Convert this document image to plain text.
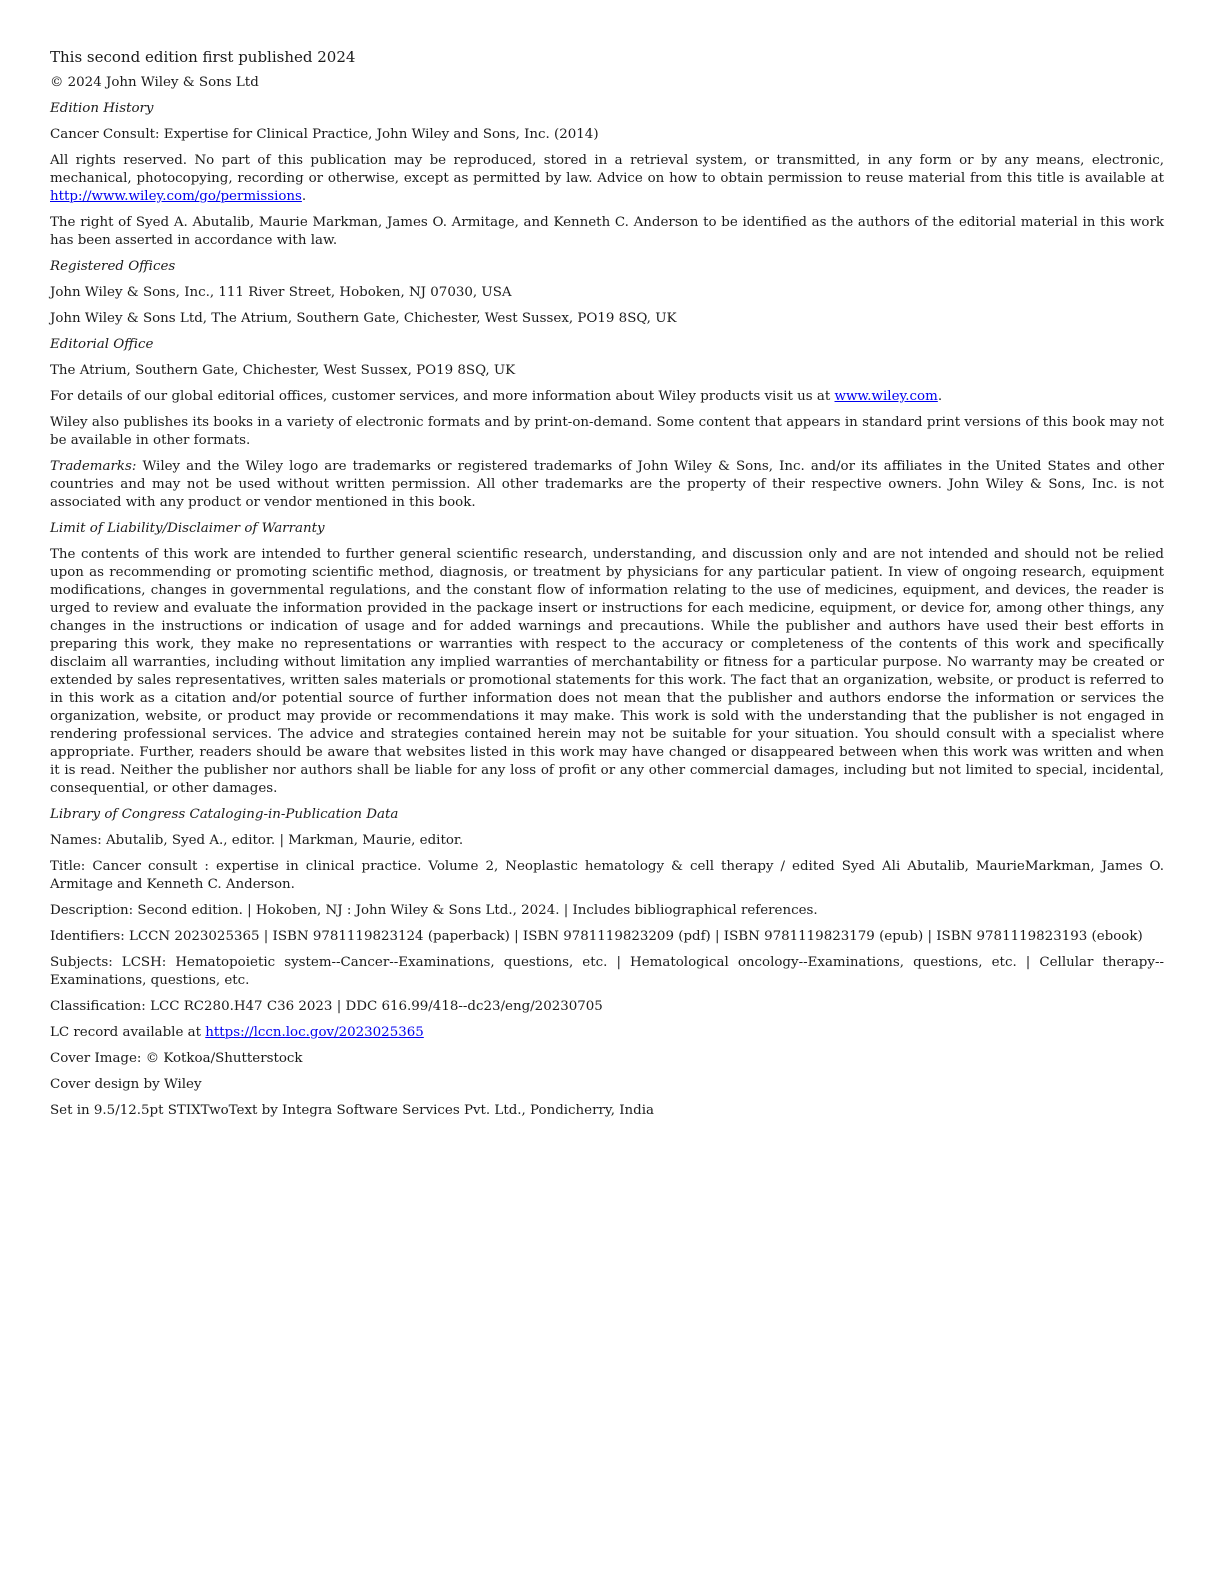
This second edition first published 2024

© 2024 John Wiley & Sons Ltd

Edition History

Cancer Consult: Expertise for Clinical Practice, John Wiley and Sons, Inc. (2014)

All rights reserved. No part of this publication may be reproduced, stored in a retrieval system, or transmitted, in any form or by any means, electronic, mechanical, photocopying, recording or otherwise, except as permitted by law. Advice on how to obtain permission to reuse material from this title is available at http://www.wiley.com/go/permissions.

The right of Syed A. Abutalib, Maurie Markman, James O. Armitage, and Kenneth C. Anderson to be identified as the authors of the editorial material in this work has been asserted in accordance with law.

Registered Offices

John Wiley & Sons, Inc., 111 River Street, Hoboken, NJ 07030, USA

John Wiley & Sons Ltd, The Atrium, Southern Gate, Chichester, West Sussex, PO19 8SQ, UK

Editorial Office

The Atrium, Southern Gate, Chichester, West Sussex, PO19 8SQ, UK

For details of our global editorial offices, customer services, and more information about Wiley products visit us at www.wiley.com.

Wiley also publishes its books in a variety of electronic formats and by print-on-demand. Some content that appears in standard print versions of this book may not be available in other formats.

Trademarks: Wiley and the Wiley logo are trademarks or registered trademarks of John Wiley & Sons, Inc. and/or its affiliates in the United States and other countries and may not be used without written permission. All other trademarks are the property of their respective owners. John Wiley & Sons, Inc. is not associated with any product or vendor mentioned in this book.

Limit of Liability/Disclaimer of Warranty

The contents of this work are intended to further general scientific research, understanding, and discussion only and are not intended and should not be relied upon as recommending or promoting scientific method, diagnosis, or treatment by physicians for any particular patient. In view of ongoing research, equipment modifications, changes in governmental regulations, and the constant flow of information relating to the use of medicines, equipment, and devices, the reader is urged to review and evaluate the information provided in the package insert or instructions for each medicine, equipment, or device for, among other things, any changes in the instructions or indication of usage and for added warnings and precautions. While the publisher and authors have used their best efforts in preparing this work, they make no representations or warranties with respect to the accuracy or completeness of the contents of this work and specifically disclaim all warranties, including without limitation any implied warranties of merchantability or fitness for a particular purpose. No warranty may be created or extended by sales representatives, written sales materials or promotional statements for this work. The fact that an organization, website, or product is referred to in this work as a citation and/or potential source of further information does not mean that the publisher and authors endorse the information or services the organization, website, or product may provide or recommendations it may make. This work is sold with the understanding that the publisher is not engaged in rendering professional services. The advice and strategies contained herein may not be suitable for your situation. You should consult with a specialist where appropriate. Further, readers should be aware that websites listed in this work may have changed or disappeared between when this work was written and when it is read. Neither the publisher nor authors shall be liable for any loss of profit or any other commercial damages, including but not limited to special, incidental, consequential, or other damages.

Library of Congress Cataloging-in-Publication Data

Names: Abutalib, Syed A., editor. | Markman, Maurie, editor.

Title: Cancer consult : expertise in clinical practice. Volume 2, Neoplastic hematology & cell therapy / edited Syed Ali Abutalib, MaurieMarkman, James O. Armitage and Kenneth C. Anderson.

Description: Second edition. | Hokoben, NJ : John Wiley & Sons Ltd., 2024. | Includes bibliographical references.

Identifiers: LCCN 2023025365 | ISBN 9781119823124 (paperback) | ISBN 9781119823209 (pdf) | ISBN 9781119823179 (epub) | ISBN 9781119823193 (ebook)

Subjects: LCSH: Hematopoietic system--Cancer--Examinations, questions, etc. | Hematological oncology--Examinations, questions, etc. | Cellular therapy--Examinations, questions, etc.

Classification: LCC RC280.H47 C36 2023 | DDC 616.99/418--dc23/eng/20230705

LC record available at https://lccn.loc.gov/2023025365

Cover Image: © Kotkoa/Shutterstock

Cover design by Wiley

Set in 9.5/12.5pt STIXTwoText by Integra Software Services Pvt. Ltd., Pondicherry, India
